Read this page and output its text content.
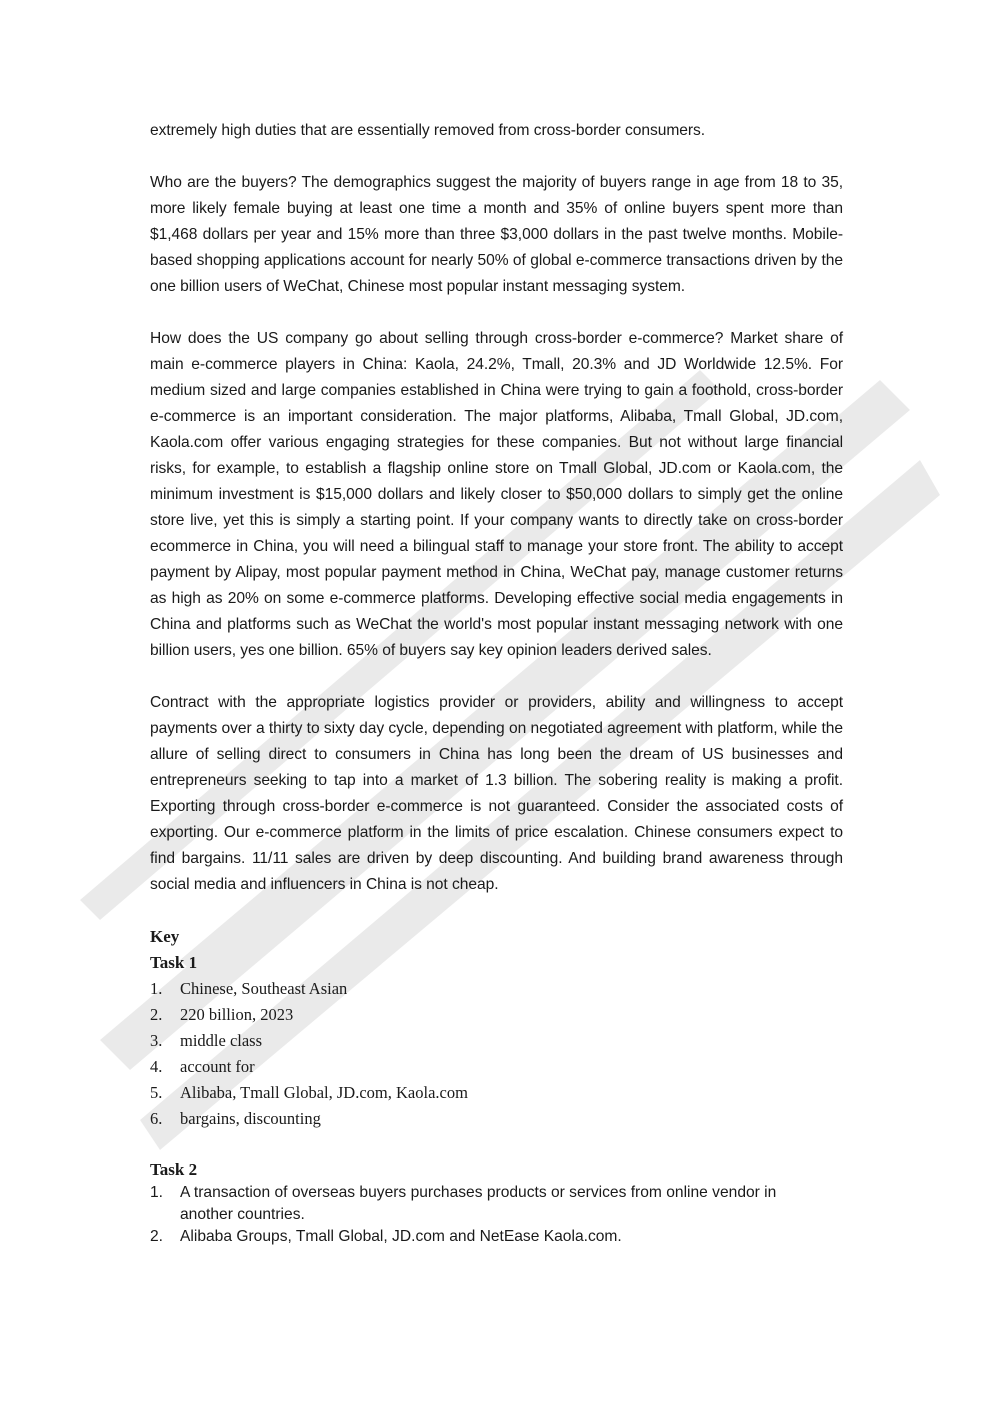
extremely high duties that are essentially removed from cross-border consumers.

Who are the buyers? The demographics suggest the majority of buyers range in age from 18 to 35, more likely female buying at least one time a month and 35% of online buyers spent more than $1,468 dollars per year and 15% more than three $3,000 dollars in the past twelve months. Mobile-based shopping applications account for nearly 50% of global e-commerce transactions driven by the one billion users of WeChat, Chinese most popular instant messaging system.

How does the US company go about selling through cross-border e-commerce? Market share of main e-commerce players in China: Kaola, 24.2%, Tmall, 20.3% and JD Worldwide 12.5%. For medium sized and large companies established in China were trying to gain a foothold, cross-border e-commerce is an important consideration. The major platforms, Alibaba, Tmall Global, JD.com, Kaola.com offer various engaging strategies for these companies. But not without large financial risks, for example, to establish a flagship online store on Tmall Global, JD.com or Kaola.com, the minimum investment is $15,000 dollars and likely closer to $50,000 dollars to simply get the online store live, yet this is simply a starting point. If your company wants to directly take on cross-border ecommerce in China, you will need a bilingual staff to manage your store front. The ability to accept payment by Alipay, most popular payment method in China, WeChat pay, manage customer returns as high as 20% on some e-commerce platforms. Developing effective social media engagements in China and platforms such as WeChat the world's most popular instant messaging network with one billion users, yes one billion. 65% of buyers say key opinion leaders derived sales.

Contract with the appropriate logistics provider or providers, ability and willingness to accept payments over a thirty to sixty day cycle, depending on negotiated agreement with platform, while the allure of selling direct to consumers in China has long been the dream of US businesses and entrepreneurs seeking to tap into a market of 1.3 billion. The sobering reality is making a profit. Exporting through cross-border e-commerce is not guaranteed. Consider the associated costs of exporting. Our e-commerce platform in the limits of price escalation. Chinese consumers expect to find bargains. 11/11 sales are driven by deep discounting. And building brand awareness through social media and influencers in China is not cheap.

Key
Task 1
1.	Chinese, Southeast Asian
2.	220 billion, 2023
3.	middle class
4.	account for
5.	Alibaba, Tmall Global, JD.com, Kaola.com
6.	bargains, discounting
Task 2
1.	A transaction of overseas buyers purchases products or services from online vendor in another countries.
2.	Alibaba Groups, Tmall Global, JD.com and NetEase Kaola.com.
